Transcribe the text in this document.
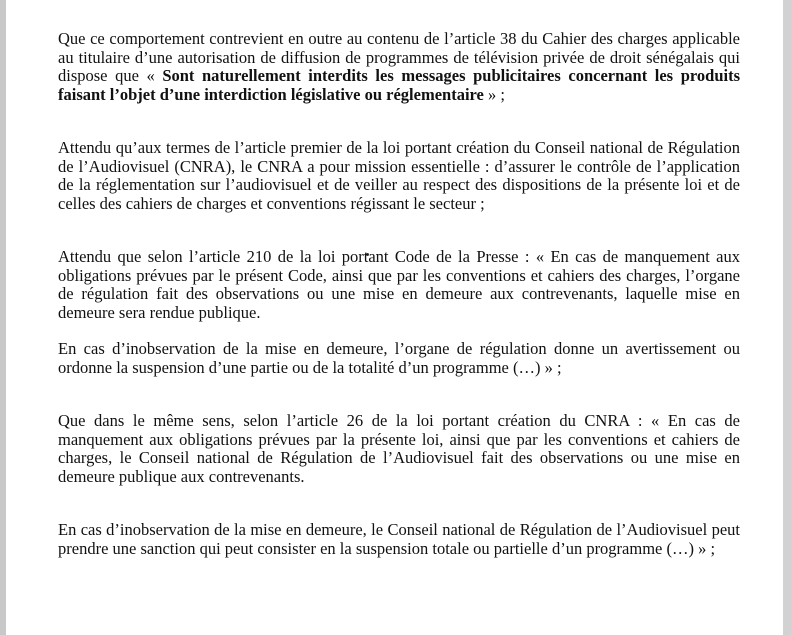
Que ce comportement contrevient en outre au contenu de l’article 38 du Cahier des charges applicable au titulaire d’une autorisation de diffusion de programmes de télévision privée de droit sénégalais qui dispose que « Sont naturellement interdits les messages publicitaires concernant les produits faisant l’objet d’une interdiction législative ou réglementaire » ;

Attendu qu’aux termes de l’article premier de la loi portant création du Conseil national de Régulation de l’Audiovisuel (CNRA), le CNRA a pour mission essentielle : d’assurer le contrôle de l’application de la réglementation sur l’audiovisuel et de veiller au respect des dispositions de la présente loi et de celles des cahiers de charges et conventions régissant le secteur ;

Attendu que selon l’article 210 de la loi portant Code de la Presse : « En cas de manquement aux obligations prévues par le présent Code, ainsi que par les conventions et cahiers des charges, l’organe de régulation fait des observations ou une mise en demeure aux contrevenants, laquelle mise en demeure sera rendue publique.

En cas d’inobservation de la mise en demeure, l’organe de régulation donne un avertissement ou ordonne la suspension d’une partie ou de la totalité d’un programme (…) » ;

Que dans le même sens, selon l’article 26 de la loi portant création du CNRA : « En cas de manquement aux obligations prévues par la présente loi, ainsi que par les conventions et cahiers de charges, le Conseil national de Régulation de l’Audiovisuel fait des observations ou une mise en demeure publique aux contrevenants.

En cas d’inobservation de la mise en demeure, le Conseil national de Régulation de l’Audiovisuel peut prendre une sanction qui peut consister en la suspension totale ou partielle d’un programme (…) » ;
